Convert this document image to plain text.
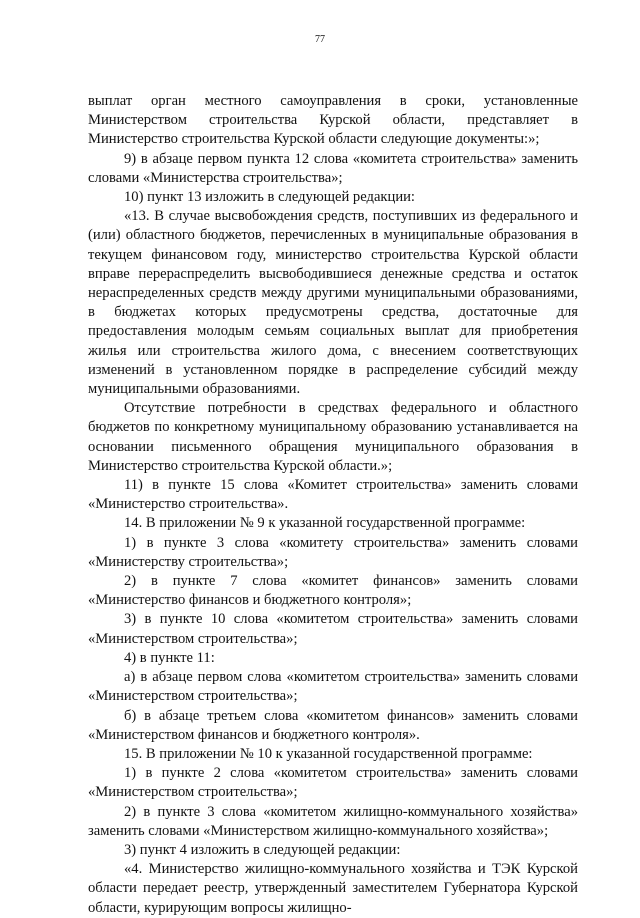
77

выплат орган местного самоуправления в сроки, установленные Министерством строительства Курской области, представляет в Министерство строительства Курской области следующие документы:»;

9) в абзаце первом пункта 12 слова «комитета строительства» заменить словами «Министерства строительства»;

10) пункт 13 изложить в следующей редакции:

«13. В случае высвобождения средств, поступивших из федерального и (или) областного бюджетов, перечисленных в муниципальные образования в текущем финансовом году, министерство строительства Курской области вправе перераспределить высвободившиеся денежные средства и остаток нераспределенных средств между другими муниципальными образованиями, в бюджетах которых предусмотрены средства, достаточные для предоставления молодым семьям социальных выплат для приобретения жилья или строительства жилого дома, с внесением соответствующих изменений в установленном порядке в распределение субсидий между муниципальными образованиями.

Отсутствие потребности в средствах федерального и областного бюджетов по конкретному муниципальному образованию устанавливается на основании письменного обращения муниципального образования в Министерство строительства Курской области.»;

11) в пункте 15 слова «Комитет строительства» заменить словами «Министерство строительства».

14. В приложении № 9 к указанной государственной программе:

1) в пункте 3 слова «комитету строительства» заменить словами «Министерству строительства»;

2) в пункте 7 слова «комитет финансов» заменить словами «Министерство финансов и бюджетного контроля»;

3) в пункте 10 слова «комитетом строительства» заменить словами «Министерством строительства»;

4) в пункте 11:

а) в абзаце первом слова «комитетом строительства» заменить словами «Министерством строительства»;

б) в абзаце третьем слова «комитетом финансов» заменить словами «Министерством финансов и бюджетного контроля».

15. В приложении № 10 к указанной государственной программе:

1) в пункте 2 слова «комитетом строительства» заменить словами «Министерством строительства»;

2) в пункте 3 слова «комитетом жилищно-коммунального хозяйства» заменить словами «Министерством жилищно-коммунального хозяйства»;

3) пункт 4 изложить в следующей редакции:

«4. Министерство жилищно-коммунального хозяйства и ТЭК Курской области передает реестр, утвержденный заместителем Губернатора Курской области, курирующим вопросы жилищно-
